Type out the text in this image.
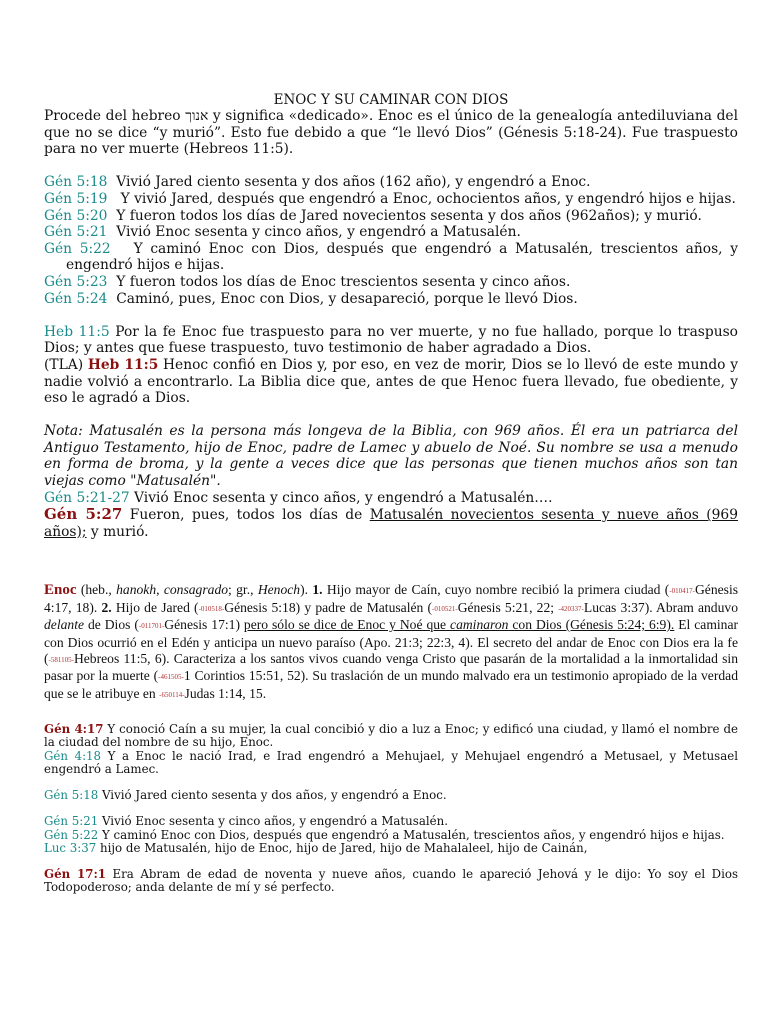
ENOC Y SU CAMINAR CON DIOS

Procede del hebreo אנוך y significa «dedicado». Enoc es el único de la genealogía antediluviana del que no se dice “y murió”. Esto fue debido a que “le llevó Dios” (Génesis 5:18-24). Fue traspuesto para no ver muerte (Hebreos 11:5).

Gén 5:18 Vivió Jared ciento sesenta y dos años (162 año), y engendró a Enoc.

Gén 5:19   Y vivió Jared, después que engendró a Enoc, ochocientos años, y engendró hijos e hijas.

Gén 5:20 Y fueron todos los días de Jared novecientos sesenta y dos años (962años); y murió.

Gén 5:21 Vivió Enoc sesenta y cinco años, y engendró a Matusalén.

Gén 5:22   Y caminó Enoc con Dios, después que engendró a Matusalén, trescientos años, y engendró hijos e hijas.

Gén 5:23 Y fueron todos los días de Enoc trescientos sesenta y cinco años.

Gén 5:24 Caminó, pues, Enoc con Dios, y desapareció, porque le llevó Dios.

Heb 11:5 Por la fe Enoc fue traspuesto para no ver muerte, y no fue hallado, porque lo traspuso Dios; y antes que fuese traspuesto, tuvo testimonio de haber agradado a Dios.

(TLA) Heb 11:5 Henoc confió en Dios y, por eso, en vez de morir, Dios se lo llevó de este mundo y nadie volvió a encontrarlo. La Biblia dice que, antes de que Henoc fuera llevado, fue obediente, y eso le agradó a Dios.

Nota: Matusalén es la persona más longeva de la Biblia, con 969 años. Él era un patriarca del Antiguo Testamento, hijo de Enoc, padre de Lamec y abuelo de Noé. Su nombre se usa a menudo en forma de broma, y la gente a veces dice que las personas que tienen muchos años son tan viejas como "Matusalén".

Gén 5:21-27 Vivió Enoc sesenta y cinco años, y engendró a Matusalén….

Gén 5:27 Fueron, pues, todos los días de Matusalén novecientos sesenta y nueve años (969 años); y murió.

Enoc (heb., hanokh, consagrado; gr., Henoch). 1. Hijo mayor de Caín, cuyo nombre recibió la primera ciudad (-010417-Génesis 4:17, 18). 2. Hijo de Jared (-010518-Génesis 5:18) y padre de Matusalén (-010521-Génesis 5:21, 22; -420337-Lucas 3:37). Abram anduvo delante de Dios (-011701-Génesis 17:1) pero sólo se dice de Enoc y Noé que caminaron con Dios (Génesis 5:24; 6:9). El caminar con Dios ocurrió en el Edén y anticipa un nuevo paraíso (Apo. 21:3; 22:3, 4). El secreto del andar de Enoc con Dios era la fe (-581105-Hebreos 11:5, 6). Caracteriza a los santos vivos cuando venga Cristo que pasarán de la mortalidad a la inmortalidad sin pasar por la muerte (-461505-1 Corintios 15:51, 52). Su traslación de un mundo malvado era un testimonio apropiado de la verdad que se le atribuye en -650114-Judas 1:14, 15.

Gén 4:17 Y conoció Caín a su mujer, la cual concibió y dio a luz a Enoc; y edificó una ciudad, y llamó el nombre de la ciudad del nombre de su hijo, Enoc.

Gén 4:18 Y a Enoc le nació Irad, e Irad engendró a Mehujael, y Mehujael engendró a Metusael, y Metusael engendró a Lamec.

Gén 5:18 Vivió Jared ciento sesenta y dos años, y engendró a Enoc.

Gén 5:21 Vivió Enoc sesenta y cinco años, y engendró a Matusalén.

Gén 5:22 Y caminó Enoc con Dios, después que engendró a Matusalén, trescientos años, y engendró hijos e hijas.

Luc 3:37 hijo de Matusalén, hijo de Enoc, hijo de Jared, hijo de Mahalaleel, hijo de Cainán,

Gén 17:1 Era Abram de edad de noventa y nueve años, cuando le apareció Jehová y le dijo: Yo soy el Dios Todopoderoso; anda delante de mí y sé perfecto.
